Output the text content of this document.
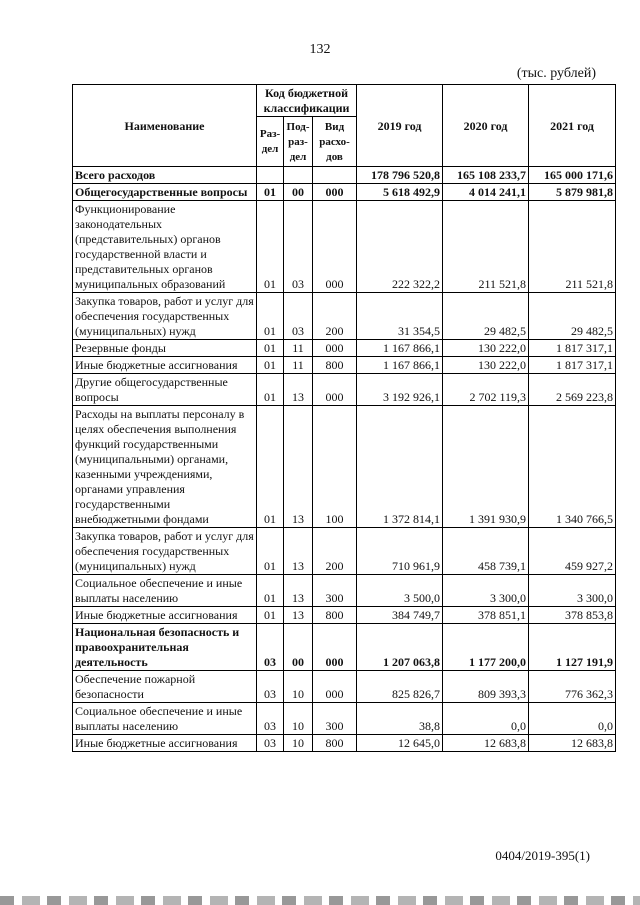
132
(тыс. рублей)
Наименование	Код бюджетной классификации			2019 год	2020 год	2021 год
	Раз-дел	Под-раз-дел	Вид расхо-дов			
Всего расходов				178 796 520,8	165 108 233,7	165 000 171,6
Общегосударственные вопросы	01	00	000	5 618 492,9	4 014 241,1	5 879 981,8
Функционирование законодательных (представительных) органов государственной власти и представительных органов муниципальных образований	01	03	000	222 322,2	211 521,8	211 521,8
Закупка товаров, работ и услуг для обеспечения государственных (муниципальных) нужд	01	03	200	31 354,5	29 482,5	29 482,5
Резервные фонды	01	11	000	1 167 866,1	130 222,0	1 817 317,1
Иные бюджетные ассигнования	01	11	800	1 167 866,1	130 222,0	1 817 317,1
Другие общегосударственные вопросы	01	13	000	3 192 926,1	2 702 119,3	2 569 223,8
Расходы на выплаты персоналу в целях обеспечения выполнения функций государственными (муниципальными) органами, казенными учреждениями, органами управления государственными внебюджетными фондами	01	13	100	1 372 814,1	1 391 930,9	1 340 766,5
Закупка товаров, работ и услуг для обеспечения государственных (муниципальных) нужд	01	13	200	710 961,9	458 739,1	459 927,2
Социальное обеспечение и иные выплаты населению	01	13	300	3 500,0	3 300,0	3 300,0
Иные бюджетные ассигнования	01	13	800	384 749,7	378 851,1	378 853,8
Национальная безопасность и правоохранительная деятельность	03	00	000	1 207 063,8	1 177 200,0	1 127 191,9
Обеспечение пожарной безопасности	03	10	000	825 826,7	809 393,3	776 362,3
Социальное обеспечение и иные выплаты населению	03	10	300	38,8	0,0	0,0
Иные бюджетные ассигнования	03	10	800	12 645,0	12 683,8	12 683,8
0404/2019-395(1)
